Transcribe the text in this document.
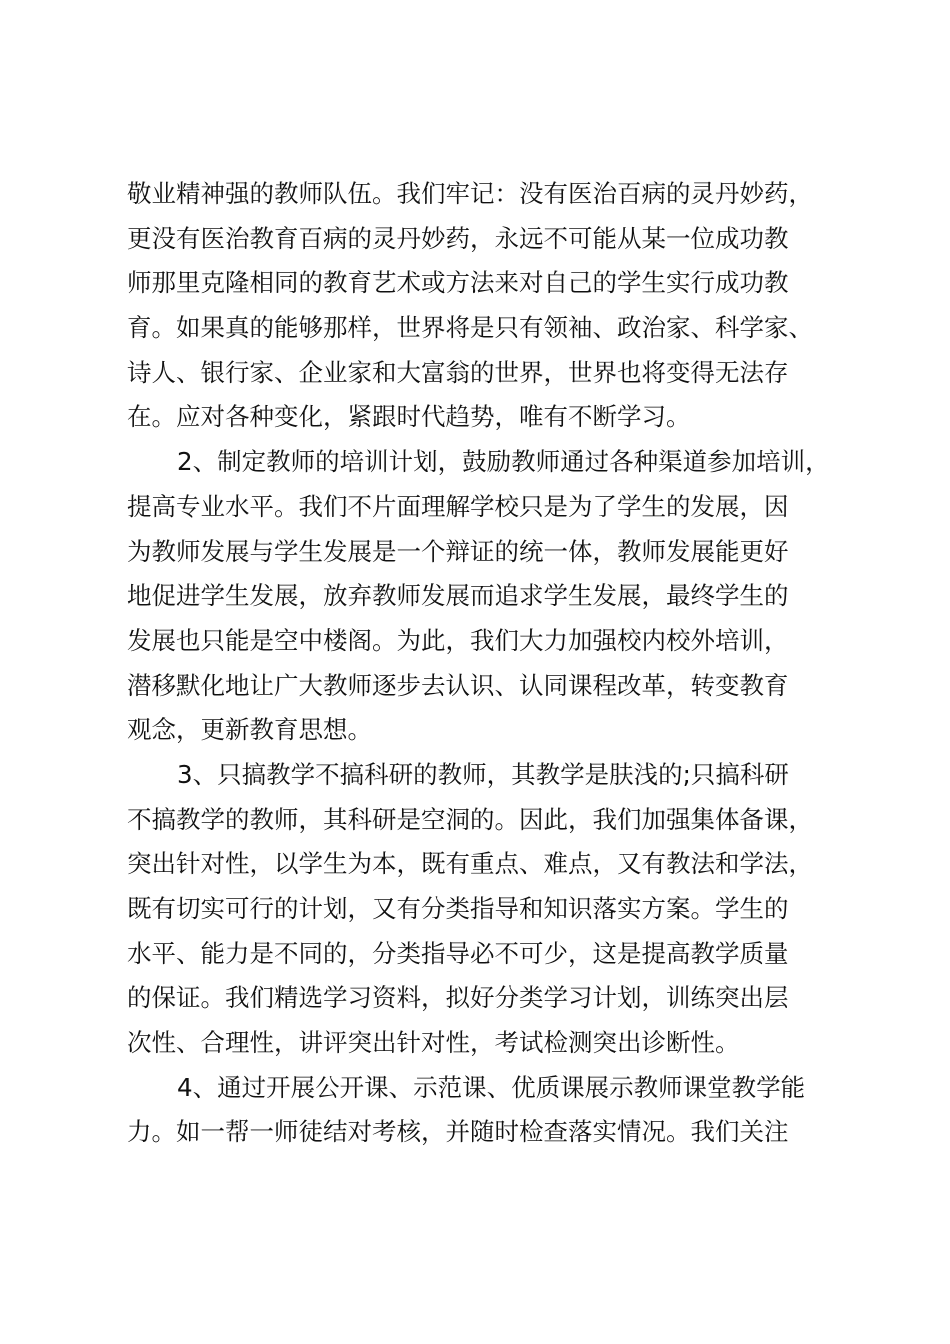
敬业精神强的教师队伍。我们牢记：没有医治百病的灵丹妙药，
更没有医治教育百病的灵丹妙药，永远不可能从某一位成功教
师那里克隆相同的教育艺术或方法来对自己的学生实行成功教
育。如果真的能够那样，世界将是只有领袖、政治家、科学家、
诗人、银行家、企业家和大富翁的世界，世界也将变得无法存
在。应对各种变化，紧跟时代趋势，唯有不断学习。
2、制定教师的培训计划，鼓励教师通过各种渠道参加培训，
提高专业水平。我们不片面理解学校只是为了学生的发展，因
为教师发展与学生发展是一个辩证的统一体，教师发展能更好
地促进学生发展，放弃教师发展而追求学生发展，最终学生的
发展也只能是空中楼阁。为此，我们大力加强校内校外培训，
潜移默化地让广大教师逐步去认识、认同课程改革，转变教育
观念，更新教育思想。
3、只搞教学不搞科研的教师，其教学是肤浅的;只搞科研
不搞教学的教师，其科研是空洞的。因此，我们加强集体备课，
突出针对性，以学生为本，既有重点、难点，又有教法和学法，
既有切实可行的计划，又有分类指导和知识落实方案。学生的
水平、能力是不同的，分类指导必不可少，这是提高教学质量
的保证。我们精选学习资料，拟好分类学习计划，训练突出层
次性、合理性，讲评突出针对性，考试检测突出诊断性。
4、通过开展公开课、示范课、优质课展示教师课堂教学能
力。如一帮一师徒结对考核，并随时检查落实情况。我们关注
